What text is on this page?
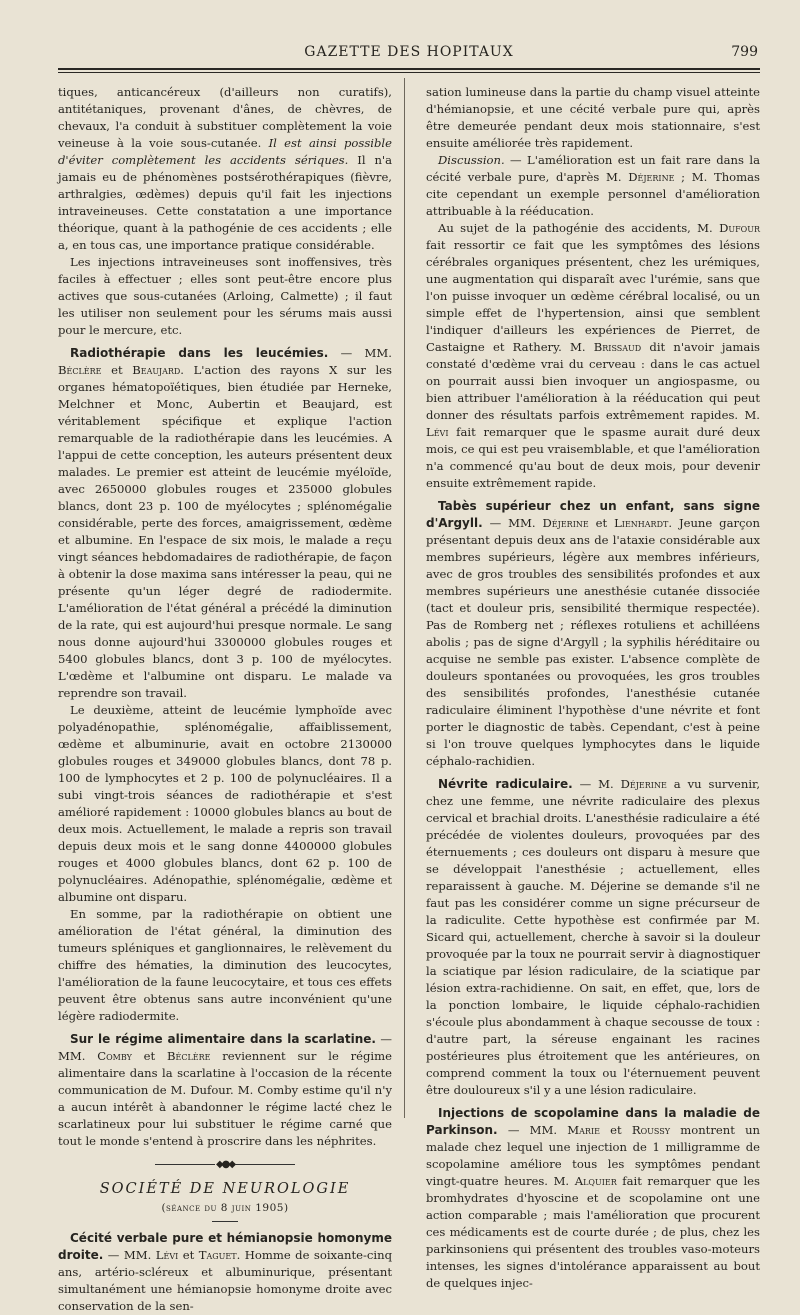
GAZETTE DES HOPITAUX	799

tiques, anticancéreux (d'ailleurs non curatifs), antitétaniques, provenant d'ânes, de chèvres, de chevaux, l'a conduit à substituer complètement la voie veineuse à la voie sous-cutanée. Il est ainsi possible d'éviter complètement les accidents sériques. Il n'a jamais eu de phénomènes postsérothérapiques (fièvre, arthralgies, œdèmes) depuis qu'il fait les injections intraveineuses. Cette constatation a une importance théorique, quant à la pathogénie de ces accidents ; elle a, en tous cas, une importance pratique considérable.

Les injections intraveineuses sont inoffensives, très faciles à effectuer ; elles sont peut-être encore plus actives que sous-cutanées (Arloing, Calmette) ; il faut les utiliser non seulement pour les sérums mais aussi pour le mercure, etc.

Radiothérapie dans les leucémies. — MM. Béclère et Beaujard. L'action des rayons X sur les organes hématopoïétiques, bien étudiée par Herneke, Melchner et Monc, Aubertin et Beaujard, est véritablement spécifique et explique l'action remarquable de la radiothérapie dans les leucémies. A l'appui de cette conception, les auteurs présentent deux malades. Le premier est atteint de leucémie myéloïde, avec 2650000 globules rouges et 235000 globules blancs, dont 23 p. 100 de myélocytes ; splénomégalie considérable, perte des forces, amaigrissement, œdème et albumine. En l'espace de six mois, le malade a reçu vingt séances hebdomadaires de radiothérapie, de façon à obtenir la dose maxima sans intéresser la peau, qui ne présente qu'un léger degré de radiodermite. L'amélioration de l'état général a précédé la diminution de la rate, qui est aujourd'hui presque normale. Le sang nous donne aujourd'hui 3300000 globules rouges et 5400 globules blancs, dont 3 p. 100 de myélocytes. L'œdème et l'albumine ont disparu. Le malade va reprendre son travail.

Le deuxième, atteint de leucémie lymphoïde avec polyadénopathie, splénomégalie, affaiblissement, œdème et albuminurie, avait en octobre 2130000 globules rouges et 349000 globules blancs, dont 78 p. 100 de lymphocytes et 2 p. 100 de polynucléaires. Il a subi vingt-trois séances de radiothérapie et s'est amélioré rapidement : 10000 globules blancs au bout de deux mois. Actuellement, le malade a repris son travail depuis deux mois et le sang donne 4400000 globules rouges et 4000 globules blancs, dont 62 p. 100 de polynucléaires. Adénopathie, splénomégalie, œdème et albumine ont disparu.

En somme, par la radiothérapie on obtient une amélioration de l'état général, la diminution des tumeurs spléniques et ganglionnaires, le relèvement du chiffre des hématies, la diminution des leucocytes, l'amélioration de la faune leucocytaire, et tous ces effets peuvent être obtenus sans autre inconvénient qu'une légère radiodermite.

Sur le régime alimentaire dans la scarlatine. — MM. Comby et Béclère reviennent sur le régime alimentaire dans la scarlatine à l'occasion de la récente communication de M. Dufour. M. Comby estime qu'il n'y a aucun intérêt à abandonner le régime lacté chez le scarlatineux pour lui substituer le régime carné que tout le monde s'entend à proscrire dans les néphrites.

◆●◆
SOCIÉTÉ DE NEUROLOGIE
(séance du 8 juin 1905)

Cécité verbale pure et hémianopsie homonyme droite. — MM. Lévi et Taguet. Homme de soixante-cinq ans, artério-scléreux et albuminurique, présentant simultanément une hémianopsie homonyme droite avec conservation de la sen-

sation lumineuse dans la partie du champ visuel atteinte d'hémianopsie, et une cécité verbale pure qui, après être demeurée pendant deux mois stationnaire, s'est ensuite améliorée très rapidement.

Discussion. — L'amélioration est un fait rare dans la cécité verbale pure, d'après M. Déjerine ; M. Thomas cite cependant un exemple personnel d'amélioration attribuable à la rééducation.

Au sujet de la pathogénie des accidents, M. Dufour fait ressortir ce fait que les symptômes des lésions cérébrales organiques présentent, chez les urémiques, une augmentation qui disparaît avec l'urémie, sans que l'on puisse invoquer un œdème cérébral localisé, ou un simple effet de l'hypertension, ainsi que semblent l'indiquer d'ailleurs les expériences de Pierret, de Castaigne et Rathery. M. Brissaud dit n'avoir jamais constaté d'œdème vrai du cerveau : dans le cas actuel on pourrait aussi bien invoquer un angiospasme, ou bien attribuer l'amélioration à la rééducation qui peut donner des résultats parfois extrêmement rapides. M. Lévi fait remarquer que le spasme aurait duré deux mois, ce qui est peu vraisemblable, et que l'amélioration n'a commencé qu'au bout de deux mois, pour devenir ensuite extrêmement rapide.

Tabès supérieur chez un enfant, sans signe d'Argyll. — MM. Déjerine et Lienhardt. Jeune garçon présentant depuis deux ans de l'ataxie considérable aux membres supérieurs, légère aux membres inférieurs, avec de gros troubles des sensibilités profondes et aux membres supérieurs une anesthésie cutanée dissociée (tact et douleur pris, sensibilité thermique respectée). Pas de Romberg net ; réflexes rotuliens et achilléens abolis ; pas de signe d'Argyll ; la syphilis héréditaire ou acquise ne semble pas exister. L'absence complète de douleurs spontanées ou provoquées, les gros troubles des sensibilités profondes, l'anesthésie cutanée radiculaire éliminent l'hypothèse d'une névrite et font porter le diagnostic de tabès. Cependant, c'est à peine si l'on trouve quelques lymphocytes dans le liquide céphalo-rachidien.

Névrite radiculaire. — M. Déjerine a vu survenir, chez une femme, une névrite radiculaire des plexus cervical et brachial droits. L'anesthésie radiculaire a été précédée de violentes douleurs, provoquées par des éternuements ; ces douleurs ont disparu à mesure que se développait l'anesthésie ; actuellement, elles reparaissent à gauche. M. Déjerine se demande s'il ne faut pas les considérer comme un signe précurseur de la radiculite. Cette hypothèse est confirmée par M. Sicard qui, actuellement, cherche à savoir si la douleur provoquée par la toux ne pourrait servir à diagnostiquer la sciatique par lésion radiculaire, de la sciatique par lésion extra-rachidienne. On sait, en effet, que, lors de la ponction lombaire, le liquide céphalo-rachidien s'écoule plus abondamment à chaque secousse de toux : d'autre part, la séreuse engainant les racines postérieures plus étroitement que les antérieures, on comprend comment la toux ou l'éternuement peuvent être douloureux s'il y a une lésion radiculaire.

Injections de scopolamine dans la maladie de Parkinson. — MM. Marie et Roussy montrent un malade chez lequel une injection de 1 milligramme de scopolamine améliore tous les symptômes pendant vingt-quatre heures. M. Alquier fait remarquer que les bromhydrates d'hyoscine et de scopolamine ont une action comparable ; mais l'amélioration que procurent ces médicaments est de courte durée ; de plus, chez les parkinsoniens qui présentent des troubles vaso-moteurs intenses, les signes d'intolérance apparaissent au bout de quelques injec-
